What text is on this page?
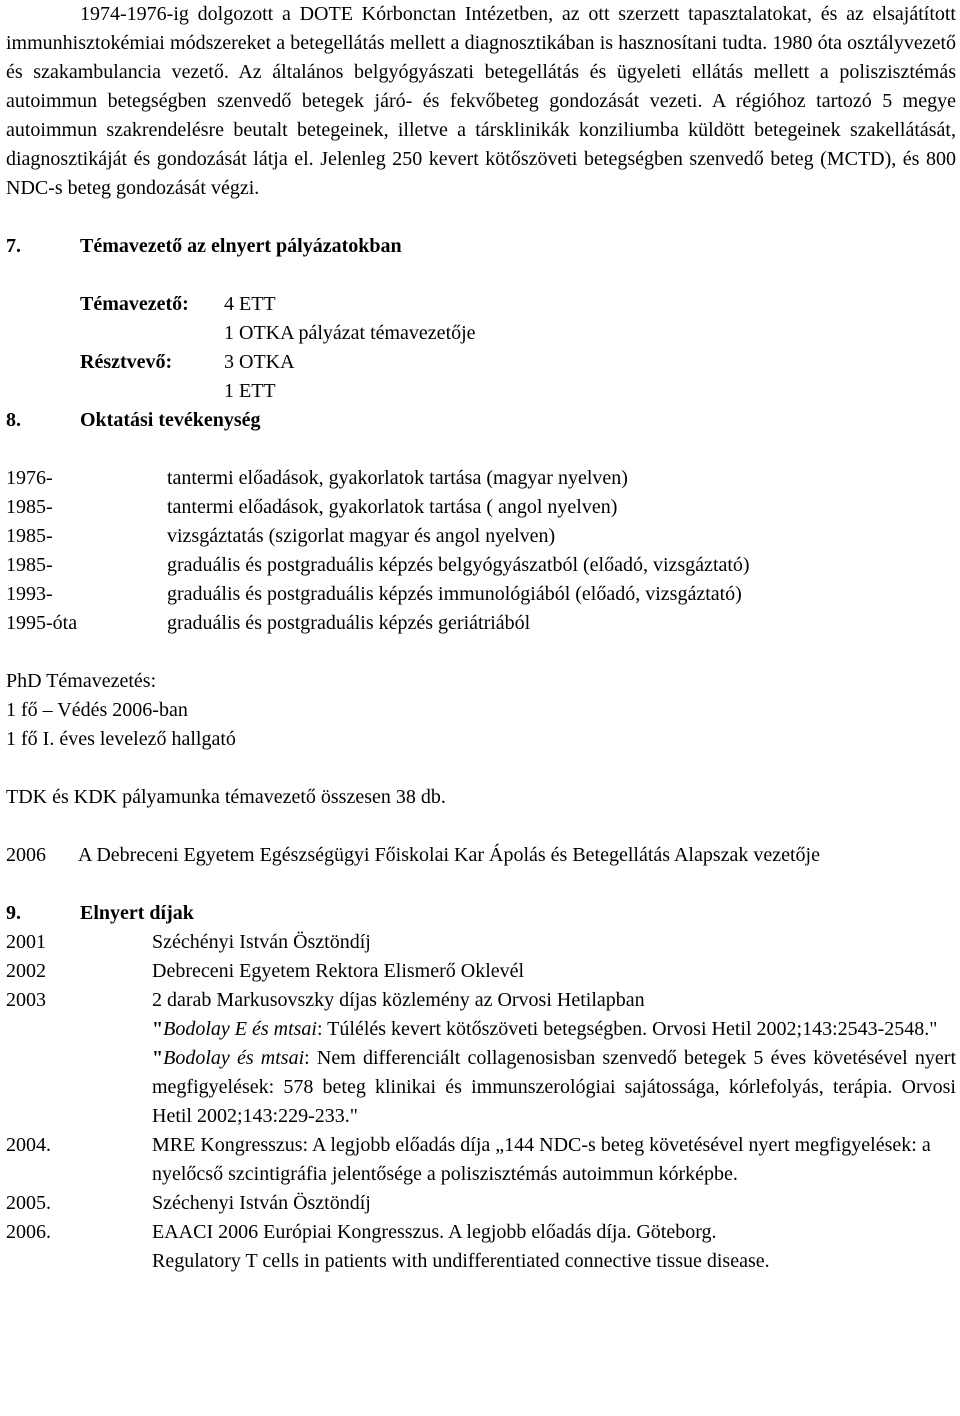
1974-1976-ig dolgozott a DOTE Kórbonctan Intézetben, az ott szerzett tapasztalatokat, és az elsajátított immunhisztokémiai módszereket a betegellátás mellett a diagnosztikában is hasznosítani tudta. 1980 óta osztályvezető és szakambulancia vezető. Az általános belgyógyászati betegellátás és ügyeleti ellátás mellett a poliszisztémás autoimmun betegségben szenvedő betegek járó- és fekvőbeteg gondozását vezeti. A régióhoz tartozó 5 megye autoimmun szakrendelésre beutalt betegeinek, illetve a társklinikák konziliumba küldött betegeinek szakellátását, diagnosztikáját és gondozását látja el. Jelenleg 250 kevert kötőszöveti betegségben szenvedő beteg (MCTD), és 800 NDC-s beteg gondozását végzi.

7.	Témavezető az elnyert pályázatokban

Témavezető:	4 ETT

1 OTKA pályázat témavezetője

Résztvevő:	3 OTKA

1 ETT

8.	Oktatási tevékenység

1976-	tantermi előadások, gyakorlatok tartása (magyar nyelven)

1985-	tantermi előadások, gyakorlatok tartása ( angol nyelven)

1985-	vizsgáztatás (szigorlat magyar és angol nyelven)

1985-	graduális és postgraduális képzés belgyógyászatból (előadó, vizsgáztató)

1993-	graduális és postgraduális képzés immunológiából (előadó, vizsgáztató)

1995-óta	graduális és postgraduális képzés geriátriából

PhD Témavezetés:

1 fő – Védés 2006-ban

1 fő I. éves levelező hallgató

TDK és KDK pályamunka témavezető összesen 38 db.

2006	A Debreceni Egyetem Egészségügyi Főiskolai Kar Ápolás és Betegellátás Alapszak vezetője

9.	Elnyert díjak

2001	Széchényi István Ösztöndíj

2002	Debreceni Egyetem Rektora Elismerő Oklevél

2003	2 darab Markusovszky díjas közlemény az Orvosi Hetilapban

"Bodolay E és mtsai: Túlélés kevert kötőszöveti betegségben. Orvosi Hetil 2002;143:2543-2548."

"Bodolay és mtsai: Nem differenciált collagenosisban szenvedő betegek 5 éves követésével nyert megfigyelések: 578 beteg klinikai és immunszerológiai sajátossága, kórlefolyás, terápia. Orvosi Hetil 2002;143:229-233."

2004.	MRE Kongresszus: A legjobb előadás díja „144 NDC-s beteg követésével nyert megfigyelések: a nyelőcső szcintigráfia jelentősége a poliszisztémás autoimmun kórképbe.

2005.	Széchenyi István Ösztöndíj

2006.	EAACI 2006 Európiai Kongresszus. A legjobb előadás díja. Göteborg.

Regulatory T cells in patients with undifferentiated connective tissue disease.
